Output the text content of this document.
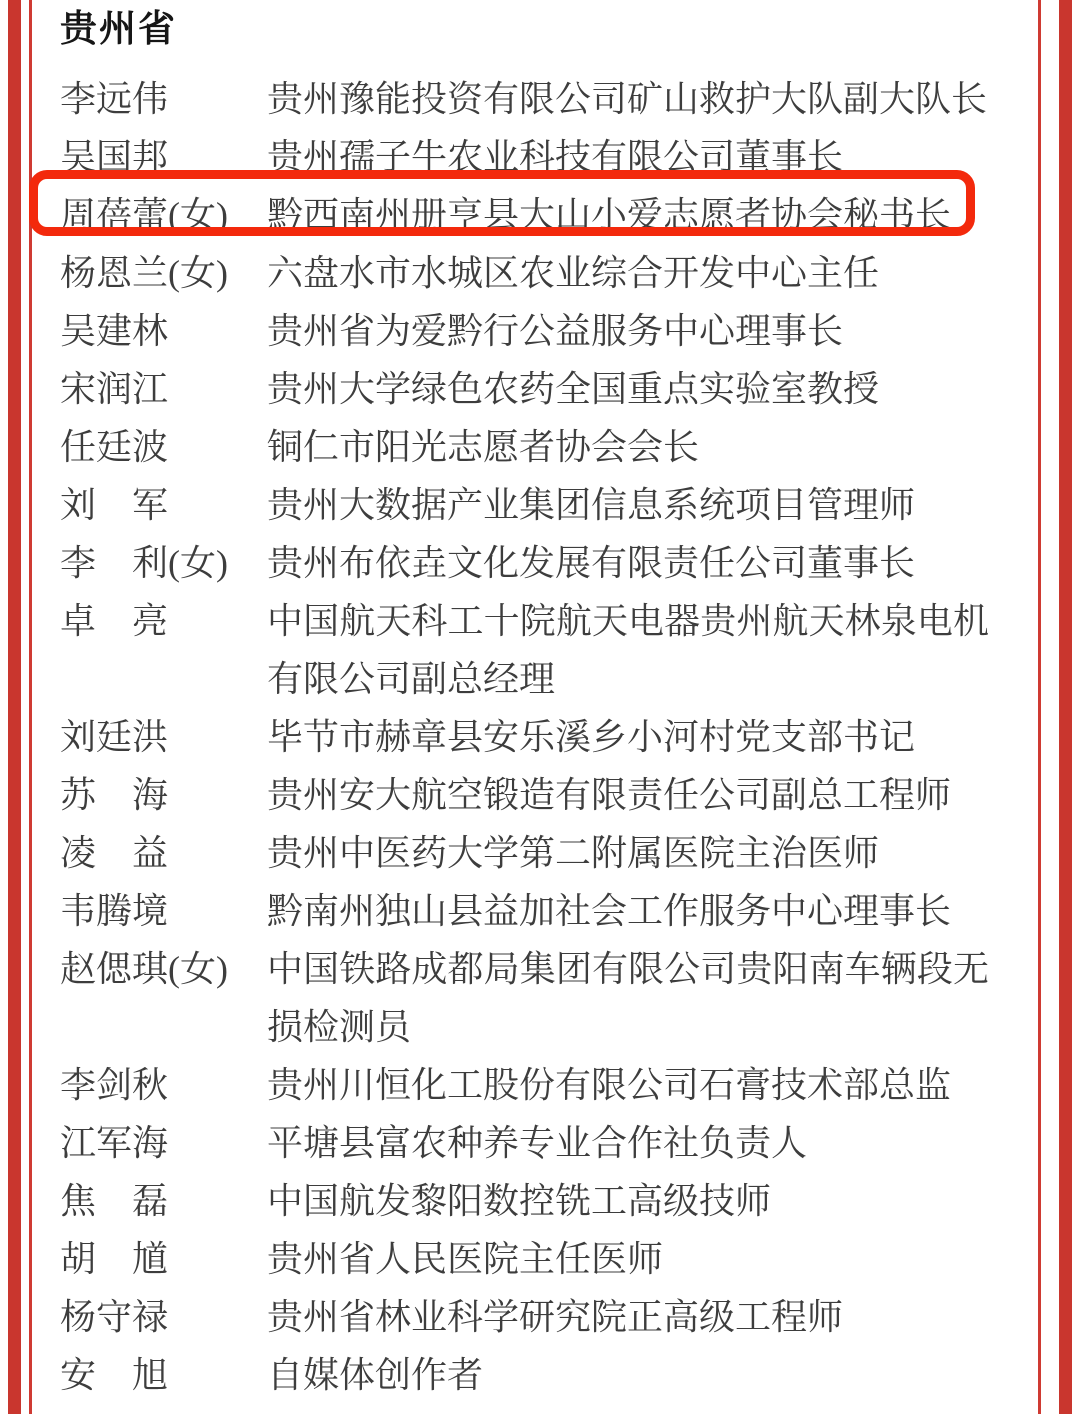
贵州省
李远伟	贵州豫能投资有限公司矿山救护大队副大队长
吴国邦	贵州孺子牛农业科技有限公司董事长
周蓓蕾(女)	黔西南州册亨县大山小爱志愿者协会秘书长
杨恩兰(女)	六盘水市水城区农业综合开发中心主任
吴建林	贵州省为爱黔行公益服务中心理事长
宋润江	贵州大学绿色农药全国重点实验室教授
任廷波	铜仁市阳光志愿者协会会长
刘　军	贵州大数据产业集团信息系统项目管理师
李　利(女)	贵州布依垚文化发展有限责任公司董事长
卓　亮	中国航天科工十院航天电器贵州航天林泉电机有限公司副总经理
刘廷洪	毕节市赫章县安乐溪乡小河村党支部书记
苏　海	贵州安大航空锻造有限责任公司副总工程师
凌　益	贵州中医药大学第二附属医院主治医师
韦腾境	黔南州独山县益加社会工作服务中心理事长
赵偲琪(女)	中国铁路成都局集团有限公司贵阳南车辆段无损检测员
李剑秋	贵州川恒化工股份有限公司石膏技术部总监
江军海	平塘县富农种养专业合作社负责人
焦　磊	中国航发黎阳数控铣工高级技师
胡　馗	贵州省人民医院主任医师
杨守禄	贵州省林业科学研究院正高级工程师
安　旭	自媒体创作者
